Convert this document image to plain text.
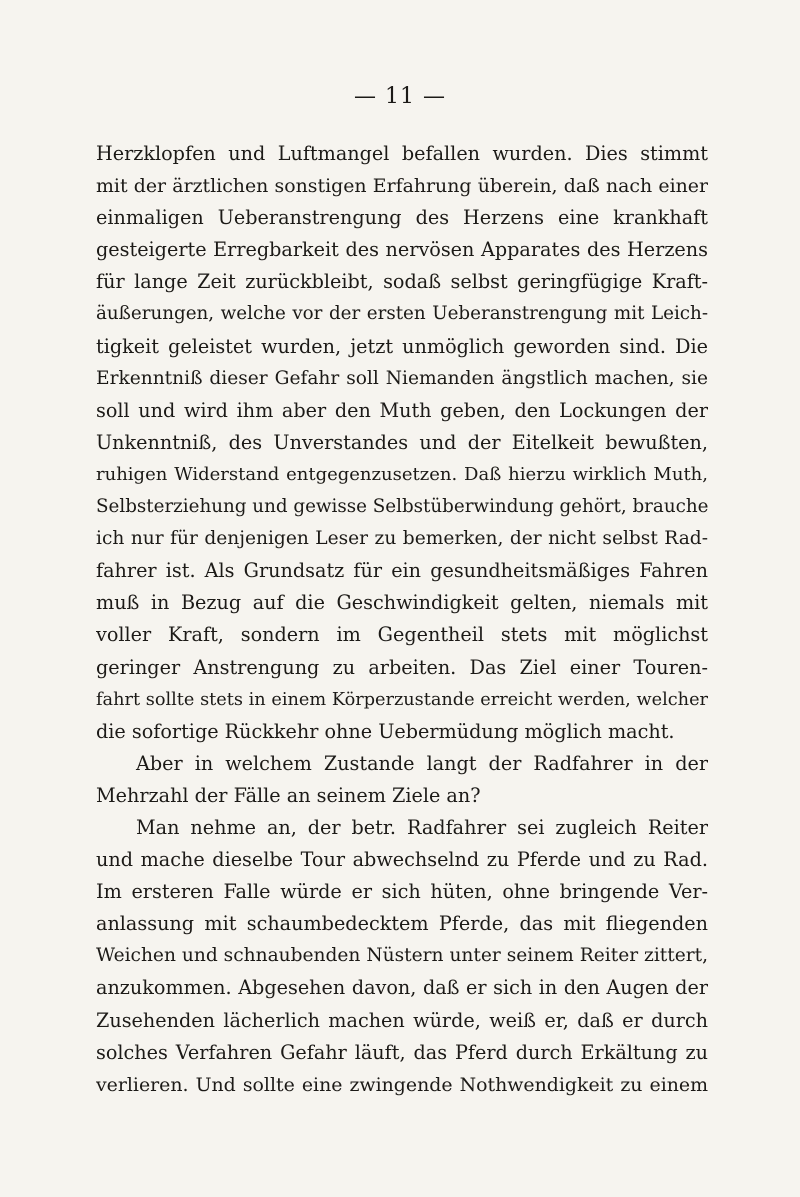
— 11 —
Herzklopfen und Luftmangel befallen wurden. Dies stimmt
mit der ärztlichen sonstigen Erfahrung überein, daß nach einer
einmaligen Ueberanstrengung des Herzens eine krankhaft
gesteigerte Erregbarkeit des nervösen Apparates des Herzens
für lange Zeit zurückbleibt, sodaß selbst geringfügige Kraft-
äußerungen, welche vor der ersten Ueberanstrengung mit Leich-
tigkeit geleistet wurden, jetzt unmöglich geworden sind. Die
Erkenntniß dieser Gefahr soll Niemanden ängstlich machen, sie
soll und wird ihm aber den Muth geben, den Lockungen der
Unkenntniß, des Unverstandes und der Eitelkeit bewußten,
ruhigen Widerstand entgegenzusetzen. Daß hierzu wirklich Muth,
Selbsterziehung und gewisse Selbstüberwindung gehört, brauche
ich nur für denjenigen Leser zu bemerken, der nicht selbst Rad-
fahrer ist. Als Grundsatz für ein gesundheitsmäßiges Fahren
muß in Bezug auf die Geschwindigkeit gelten, niemals mit
voller Kraft, sondern im Gegentheil stets mit möglichst
geringer Anstrengung zu arbeiten. Das Ziel einer Touren-
fahrt sollte stets in einem Körperzustande erreicht werden, welcher
die sofortige Rückkehr ohne Uebermüdung möglich macht.
Aber in welchem Zustande langt der Radfahrer in der
Mehrzahl der Fälle an seinem Ziele an?
Man nehme an, der betr. Radfahrer sei zugleich Reiter
und mache dieselbe Tour abwechselnd zu Pferde und zu Rad.
Im ersteren Falle würde er sich hüten, ohne bringende Ver-
anlassung mit schaumbedecktem Pferde, das mit fliegenden
Weichen und schnaubenden Nüstern unter seinem Reiter zittert,
anzukommen. Abgesehen davon, daß er sich in den Augen der
Zusehenden lächerlich machen würde, weiß er, daß er durch
solches Verfahren Gefahr läuft, das Pferd durch Erkältung zu
verlieren. Und sollte eine zwingende Nothwendigkeit zu einem
